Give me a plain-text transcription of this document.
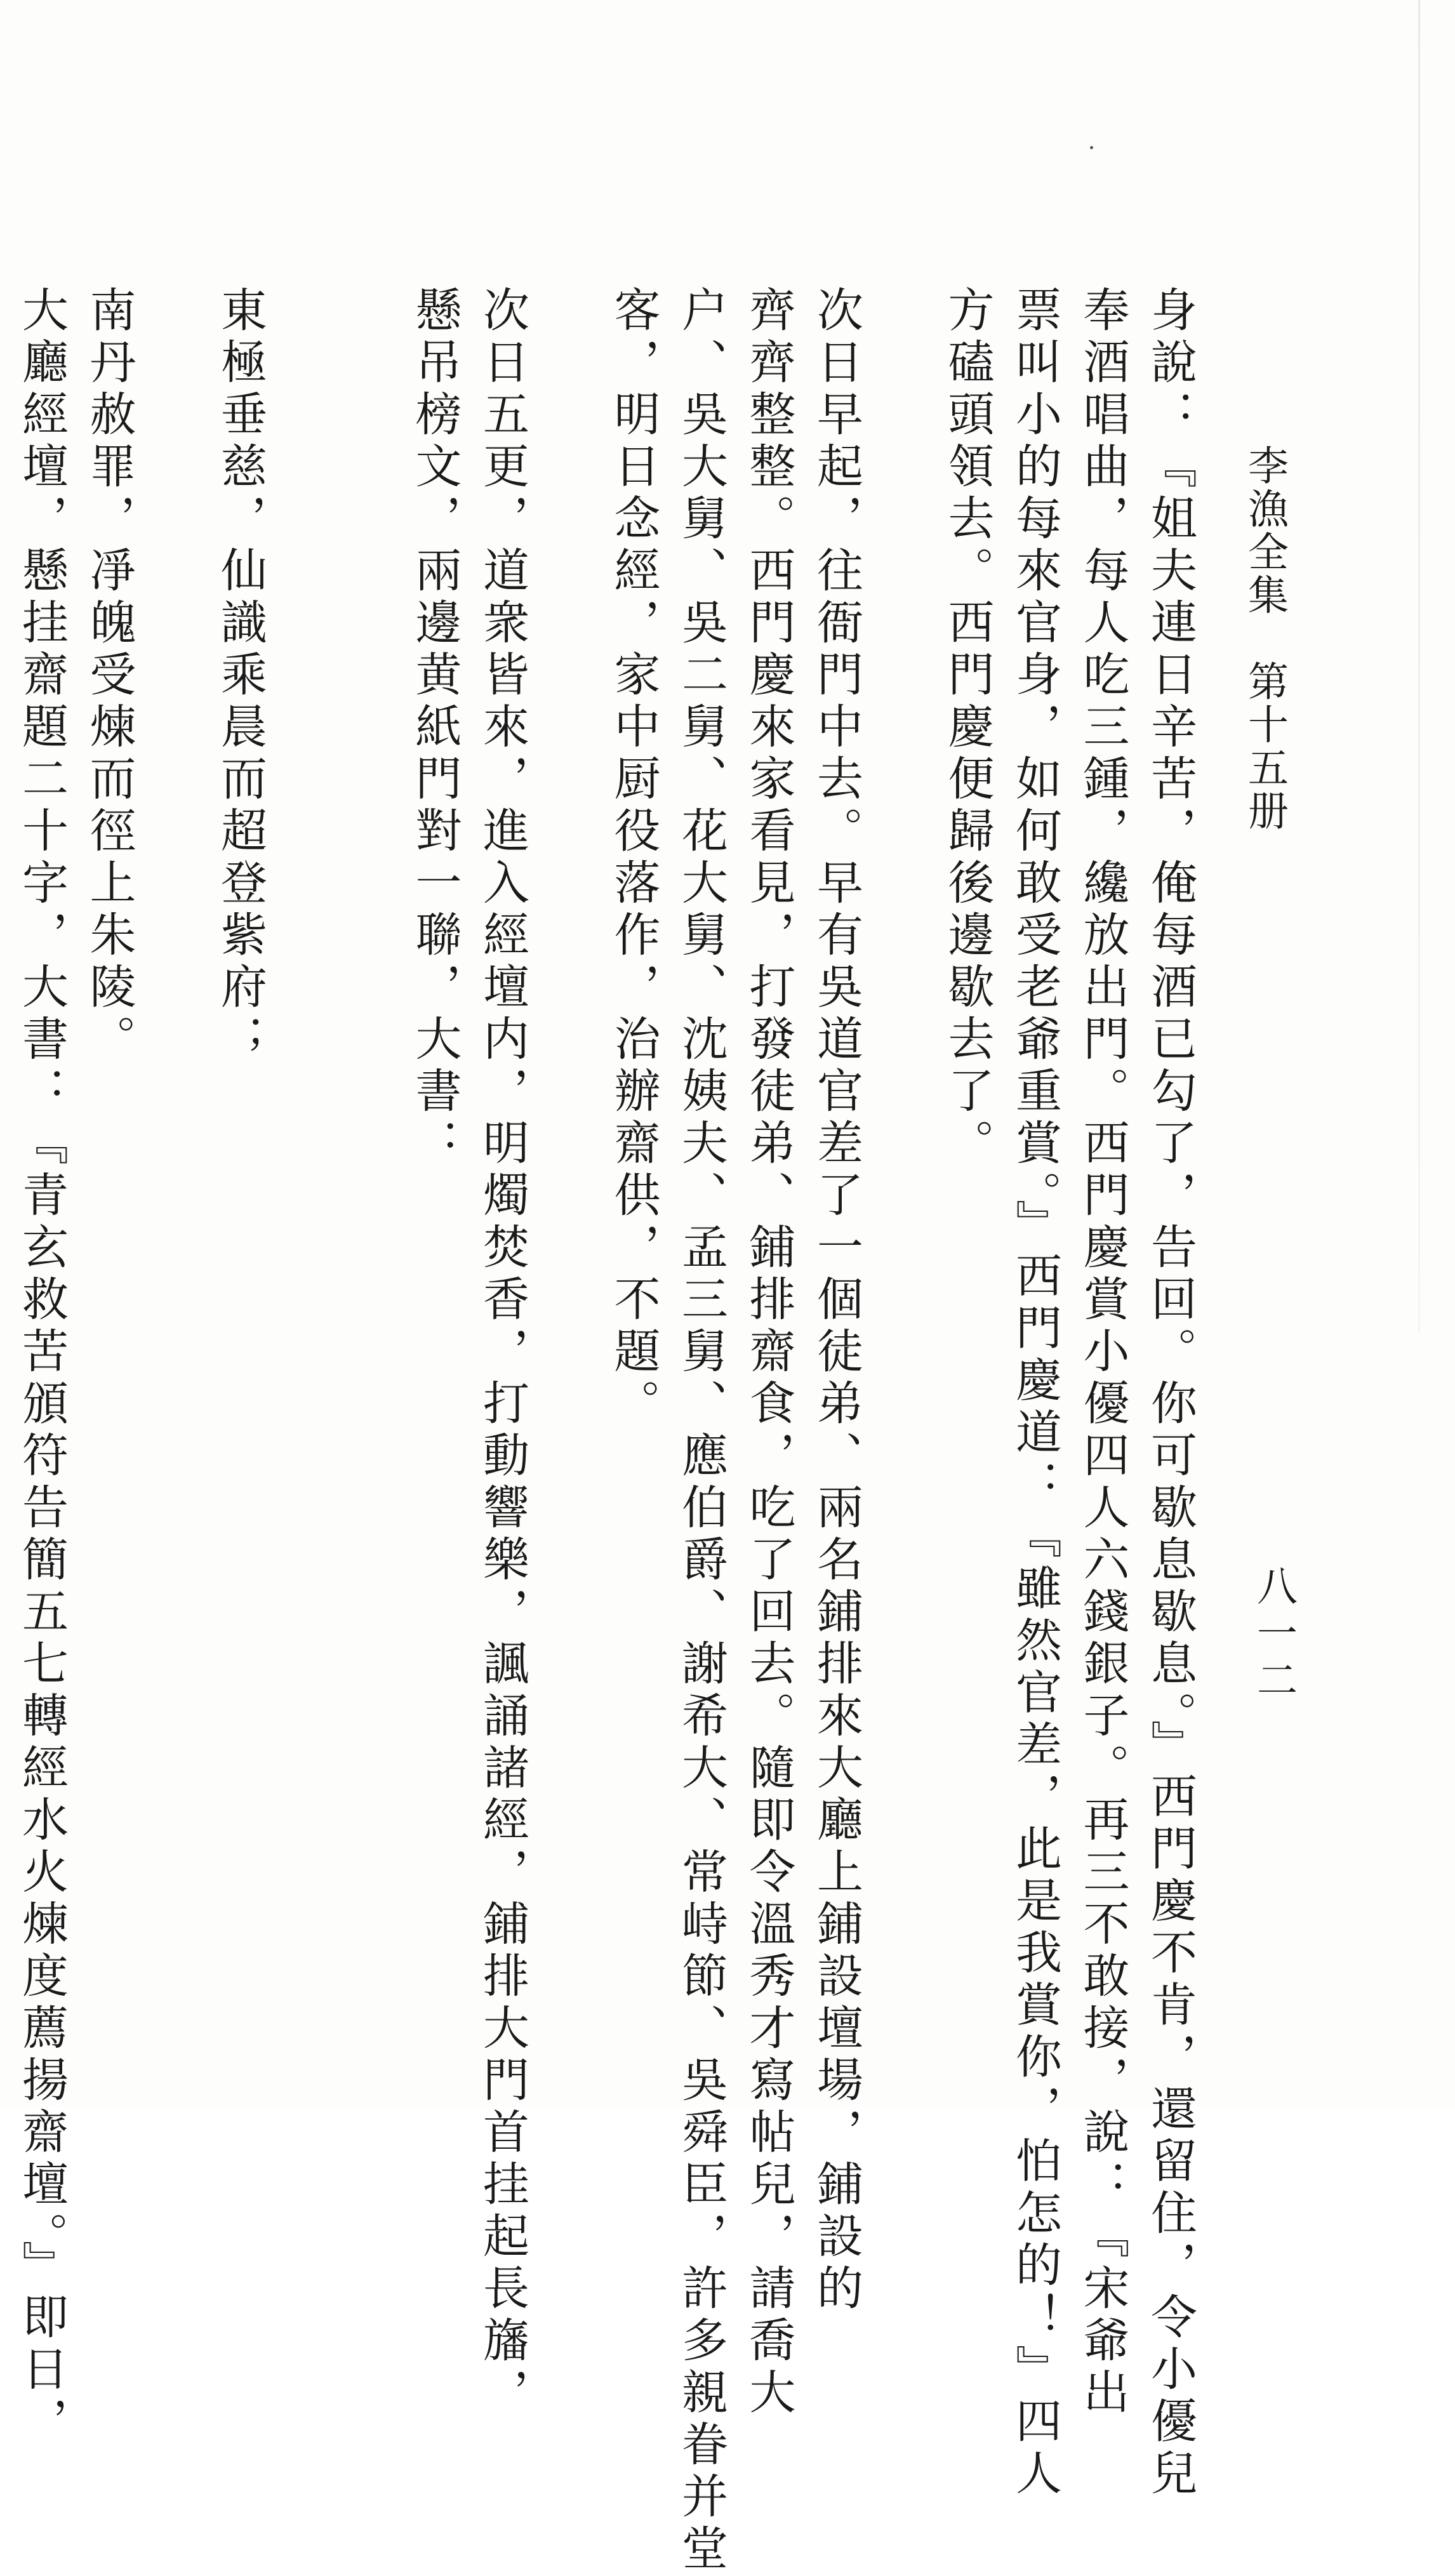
李漁全集　第十五册
八一二
身說：『姐夫連日辛苦，俺每酒已勾了，告回。你可歇息歇息。』西門慶不肯，還留住，令小優兒
奉酒唱曲，每人吃三鍾，纔放出門。西門慶賞小優四人六錢銀子。再三不敢接，說：『宋爺出
票叫小的每來官身，如何敢受老爺重賞。』西門慶道：『雖然官差，此是我賞你，怕怎的！』四人
方磕頭領去。西門慶便歸後邊歇去了。
次日早起，往衙門中去。早有吳道官差了一個徒弟、兩名鋪排來大廳上鋪設壇場，鋪設的
齊齊整整。西門慶來家看見，打發徒弟、鋪排齋食，吃了回去。隨即令溫秀才寫帖兒，請喬大
户、吳大舅、吳二舅、花大舅、沈姨夫、孟三舅、應伯爵、謝希大、常峙節、吳舜臣，許多親眷并堂
客，明日念經，家中厨役落作，治辦齋供，不題。
次日五更，道衆皆來，進入經壇内，明燭焚香，打動響樂，諷誦諸經，鋪排大門首挂起長旛，
懸吊榜文，兩邊黄紙門對一聯，大書：
東極垂慈，仙識乘晨而超登紫府；
南丹赦罪，凈魄受煉而徑上朱陵。
大廳經壇，懸挂齋題二十字，大書：『青玄救苦頒符告簡五七轉經水火煉度薦揚齋壇。』即日，
